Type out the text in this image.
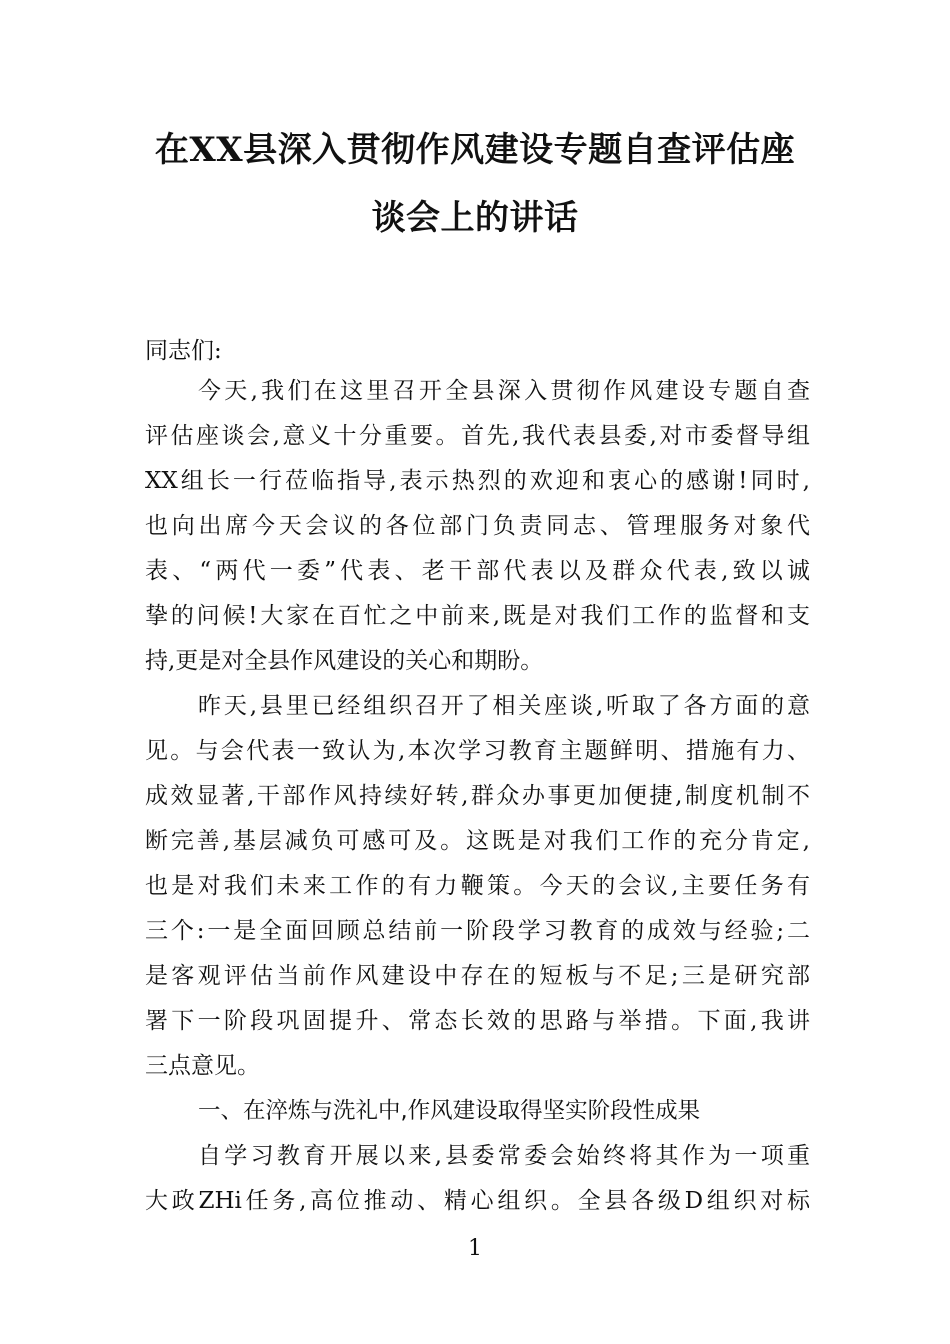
在XX县深入贯彻作风建设专题自查评估座
谈会上的讲话
同志们:
今天,我们在这里召开全县深入贯彻作风建设专题自查
评估座谈会,意义十分重要。首先,我代表县委,对市委督导组
XX组长一行莅临指导,表示热烈的欢迎和衷心的感谢!同时,
也向出席今天会议的各位部门负责同志、管理服务对象代
表、“两代一委”代表、老干部代表以及群众代表,致以诚
挚的问候!大家在百忙之中前来,既是对我们工作的监督和支
持,更是对全县作风建设的关心和期盼。
昨天,县里已经组织召开了相关座谈,听取了各方面的意
见。与会代表一致认为,本次学习教育主题鲜明、措施有力、
成效显著,干部作风持续好转,群众办事更加便捷,制度机制不
断完善,基层减负可感可及。这既是对我们工作的充分肯定,
也是对我们未来工作的有力鞭策。今天的会议,主要任务有
三个:一是全面回顾总结前一阶段学习教育的成效与经验;二
是客观评估当前作风建设中存在的短板与不足;三是研究部
署下一阶段巩固提升、常态长效的思路与举措。下面,我讲
三点意见。
一、在淬炼与洗礼中,作风建设取得坚实阶段性成果
自学习教育开展以来,县委常委会始终将其作为一项重
大政ZHi任务,高位推动、精心组织。全县各级D组织对标
1
